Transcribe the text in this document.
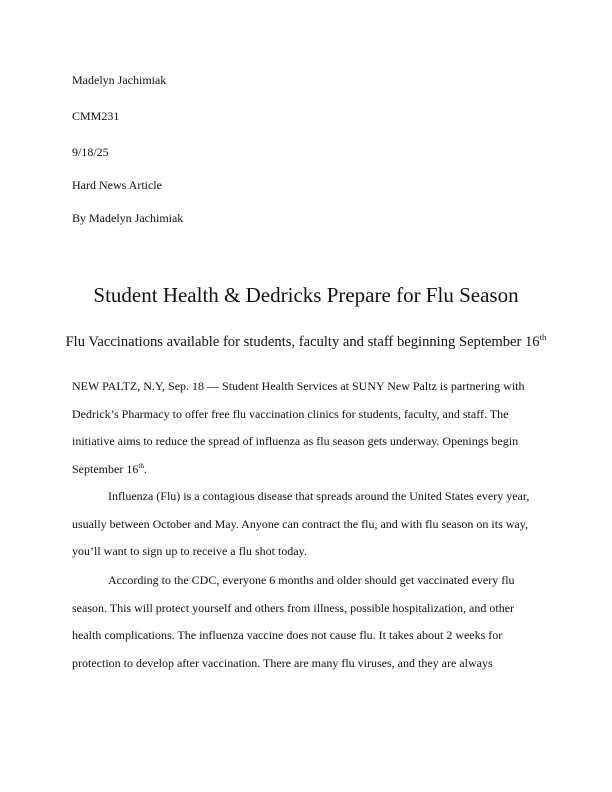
Madelyn Jachimiak
CMM231
9/18/25
Hard News Article
By Madelyn Jachimiak
Student Health & Dedricks Prepare for Flu Season
Flu Vaccinations available for students, faculty and staff beginning September 16th

NEW PALTZ, N.Y, Sep. 18 — Student Health Services at SUNY New Paltz is partnering with Dedrick’s Pharmacy to offer free flu vaccination clinics for students, faculty, and staff. The initiative aims to reduce the spread of influenza as flu season gets underway. Openings begin September 16th.

Influenza (Flu) is a contagious disease that spreads around the United States every year, usually between October and May. Anyone can contract the flu, and with flu season on its way, you’ll want to sign up to receive a flu shot today.

According to the CDC, everyone 6 months and older should get vaccinated every flu season. This will protect yourself and others from illness, possible hospitalization, and other health complications. The influenza vaccine does not cause flu. It takes about 2 weeks for protection to develop after vaccination. There are many flu viruses, and they are always
